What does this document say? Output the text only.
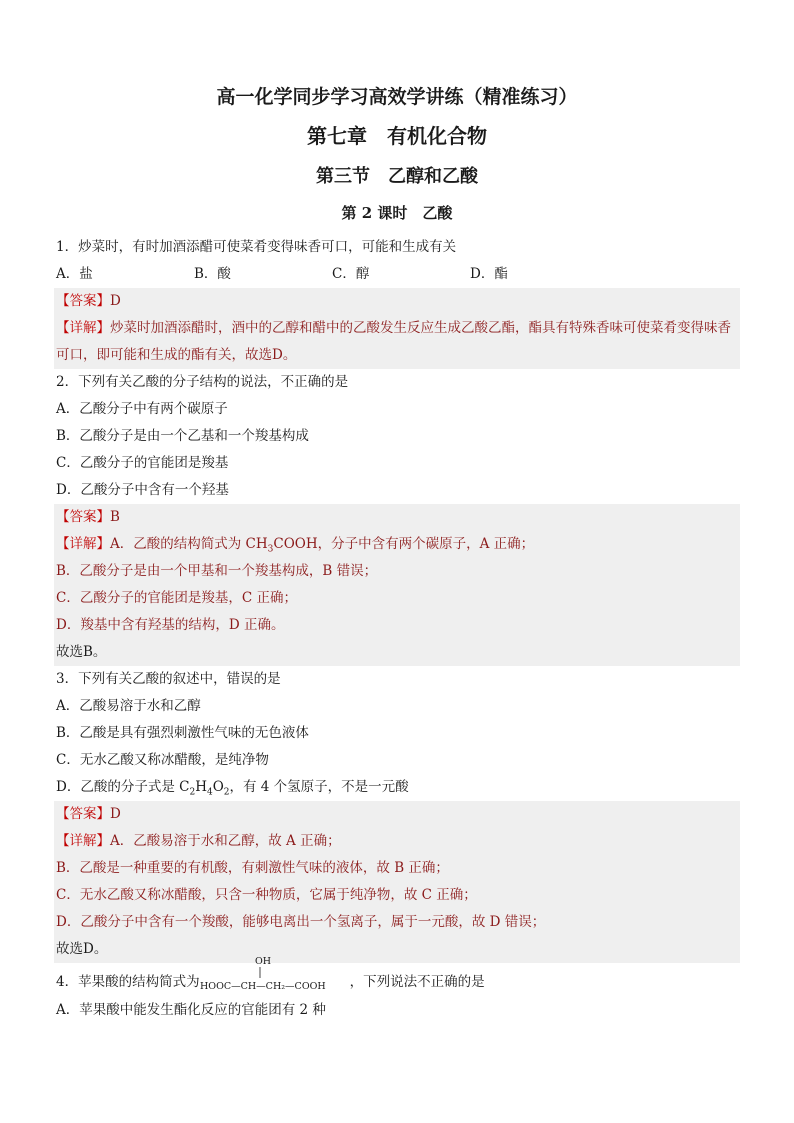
高一化学同步学习高效学讲练（精准练习）
第七章　有机化合物
第三节　乙醇和乙酸
第 2 课时　乙酸
1．炒菜时，有时加酒添醋可使菜肴变得味香可口，可能和生成有关
A．盐	B．酸	C．醇	D．酯
【答案】D
【详解】炒菜时加酒添醋时，酒中的乙醇和醋中的乙酸发生反应生成乙酸乙酯，酯具有特殊香味可使菜肴变得味香可口，即可能和生成的酯有关，故选D。
2．下列有关乙酸的分子结构的说法，不正确的是
A．乙酸分子中有两个碳原子
B．乙酸分子是由一个乙基和一个羧基构成
C．乙酸分子的官能团是羧基
D．乙酸分子中含有一个羟基
【答案】B
【详解】A．乙酸的结构简式为 $CH_3COOH$，分子中含有两个碳原子，A 正确；
B．乙酸分子是由一个甲基和一个羧基构成，B 错误；
C．乙酸分子的官能团是羧基，C 正确；
D．羧基中含有羟基的结构，D 正确。
故选B。
3．下列有关乙酸的叙述中，错误的是
A．乙酸易溶于水和乙醇
B．乙酸是具有强烈刺激性气味的无色液体
C．无水乙酸又称冰醋酸，是纯净物
D．乙酸的分子式是 $C_2H_4O_2$，有 4 个氢原子，不是一元酸
【答案】D
【详解】A．乙酸易溶于水和乙醇，故 A 正确；
B．乙酸是一种重要的有机酸，有刺激性气味的液体，故 B 正确；
C．无水乙酸又称冰醋酸，只含一种物质，它属于纯净物，故 C 正确；
D．乙酸分子中含有一个羧酸，能够电离出一个氢离子，属于一元酸，故 D 错误；
故选D。
4．苹果酸的结构简式为
OH
HOOC—CH—CH₂—COOH ，下列说法不正确的是
A．苹果酸中能发生酯化反应的官能团有 2 种
